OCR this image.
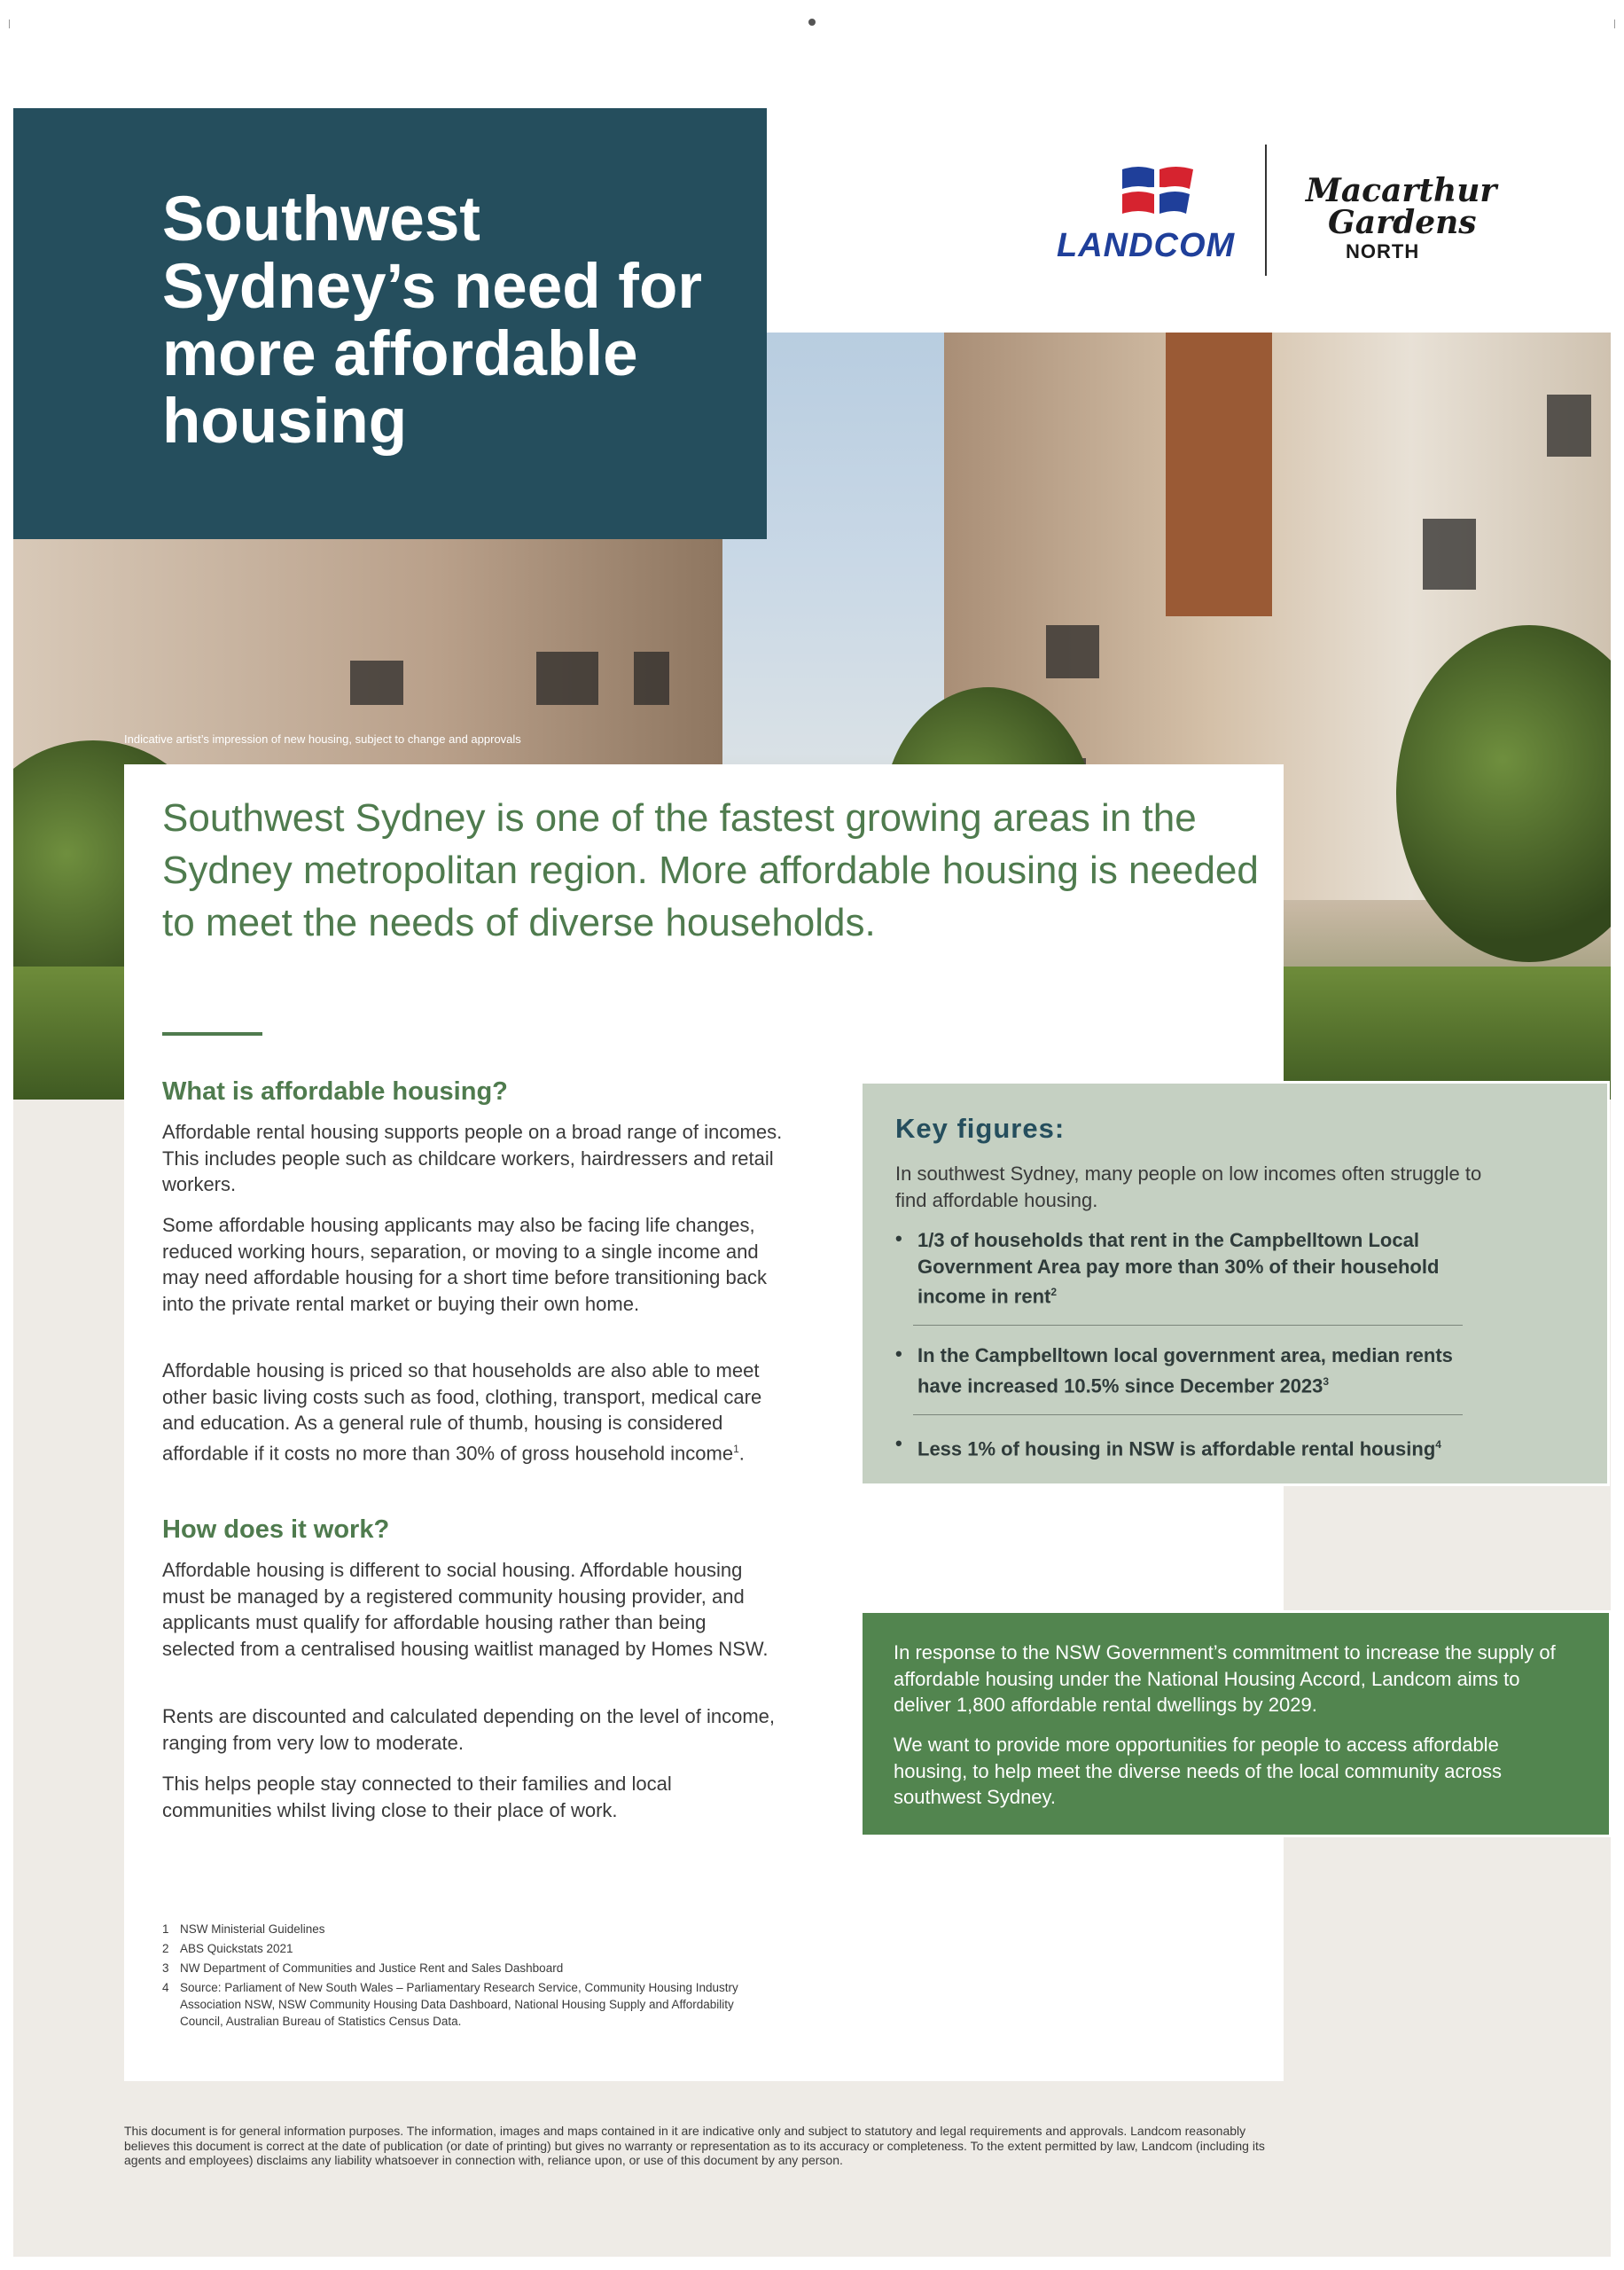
Southwest Sydney’s need for more affordable housing
LANDCOM
Macarthur
Gardens
NORTH
Indicative artist’s impression of new housing, subject to change and approvals

Southwest Sydney is one of the fastest growing areas in the Sydney metropolitan region. More affordable housing is needed to meet the needs of diverse households.

What is affordable housing?

Affordable rental housing supports people on a broad range of incomes. This includes people such as childcare workers, hairdressers and retail workers.

Some affordable housing applicants may also be facing life changes, reduced working hours, separation, or moving to a single income and may need affordable housing for a short time before transitioning back into the private rental market or buying their own home.

Affordable housing is priced so that households are also able to meet other basic living costs such as food, clothing, transport, medical care and education. As a general rule of thumb, housing is considered affordable if it costs no more than 30% of gross household income$^1$.

How does it work?

Affordable housing is different to social housing. Affordable housing must be managed by a registered community housing provider, and applicants must qualify for affordable housing rather than being selected from a centralised housing waitlist managed by Homes NSW.

Rents are discounted and calculated depending on the level of income, ranging from very low to moderate.

This helps people stay connected to their families and local communities whilst living close to their place of work.

1 NSW Ministerial Guidelines

2 ABS Quickstats 2021

3 NW Department of Communities and Justice Rent and Sales Dashboard

4 Source: Parliament of New South Wales – Parliamentary Research Service, Community Housing Industry Association NSW, NSW Community Housing Data Dashboard, National Housing Supply and Affordability Council, Australian Bureau of Statistics Census Data.

Key figures:
In southwest Sydney, many people on low incomes often struggle to find affordable housing.
• 1/3 of households that rent in the Campbelltown Local Government Area pay more than 30% of their household income in rent$^2$
• In the Campbelltown local government area, median rents have increased 10.5% since December 2023$^3$
• Less 1% of housing in NSW is affordable rental housing$^4$

In response to the NSW Government’s commitment to increase the supply of affordable housing under the National Housing Accord, Landcom aims to deliver 1,800 affordable rental dwellings by 2029.

We want to provide more opportunities for people to access affordable housing, to help meet the diverse needs of the local community across southwest Sydney.

This document is for general information purposes. The information, images and maps contained in it are indicative only and subject to statutory and legal requirements and approvals. Landcom reasonably believes this document is correct at the date of publication (or date of printing) but gives no warranty or representation as to its accuracy or completeness. To the extent permitted by law, Landcom (including its agents and employees) disclaims any liability whatsoever in connection with, reliance upon, or use of this document by any person.
